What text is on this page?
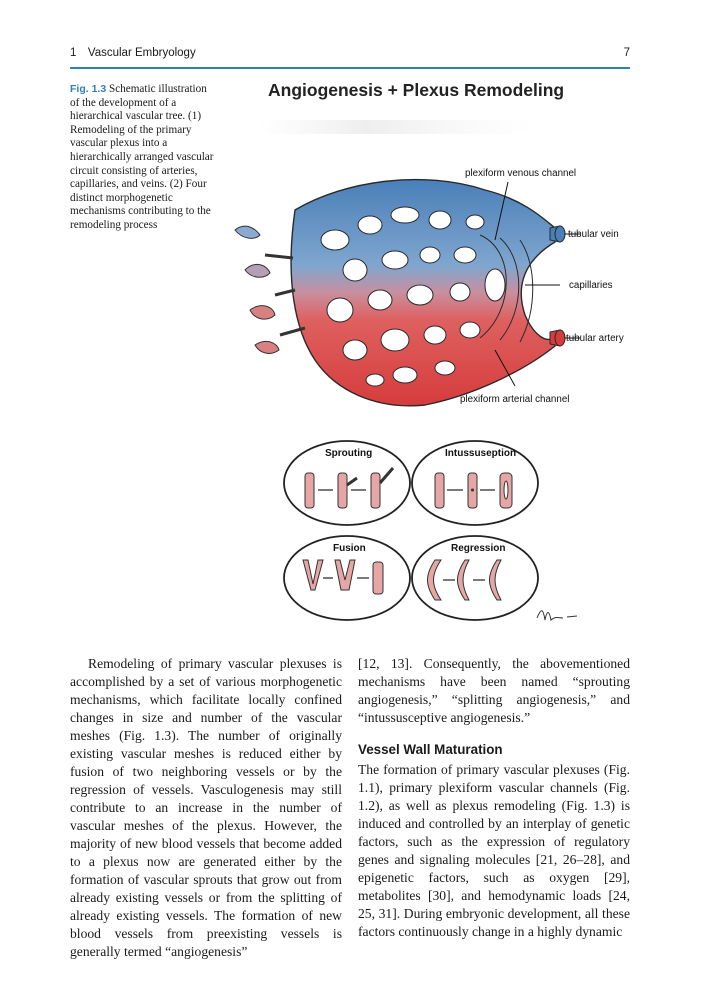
1 Vascular Embryology	7
Fig. 1.3 Schematic illustration of the development of a hierarchical vascular tree. (1) Remodeling of the primary vascular plexus into a hierarchically arranged vascular circuit consisting of arteries, capillaries, and veins. (2) Four distinct morphogenetic mechanisms contributing to the remodeling process
Angiogenesis + Plexus Remodeling
plexiform venous channel
tubular vein
capillaries
tubular artery
plexiform arterial channel
Sprouting	Intussuseption
Fusion	Regression

Remodeling of primary vascular plexuses is accomplished by a set of various morphogenetic mechanisms, which facilitate locally confined changes in size and number of the vascular meshes (Fig. 1.3). The number of originally existing vascular meshes is reduced either by fusion of two neighboring vessels or by the regression of vessels. Vasculogenesis may still contribute to an increase in the number of vascular meshes of the plexus. However, the majority of new blood vessels that become added to a plexus now are generated either by the formation of vascular sprouts that grow out from already existing vessels or from the splitting of already existing vessels. The formation of new blood vessels from preexisting vessels is generally termed “angiogenesis”

[12, 13]. Consequently, the abovementioned mechanisms have been named “sprouting angiogenesis,” “splitting angiogenesis,” and “intussusceptive angiogenesis.”

Vessel Wall Maturation

The formation of primary vascular plexuses (Fig. 1.1), primary plexiform vascular channels (Fig. 1.2), as well as plexus remodeling (Fig. 1.3) is induced and controlled by an interplay of genetic factors, such as the expression of regulatory genes and signaling molecules [21, 26–28], and epigenetic factors, such as oxygen [29], metabolites [30], and hemodynamic loads [24, 25, 31]. During embryonic development, all these factors continuously change in a highly dynamic
